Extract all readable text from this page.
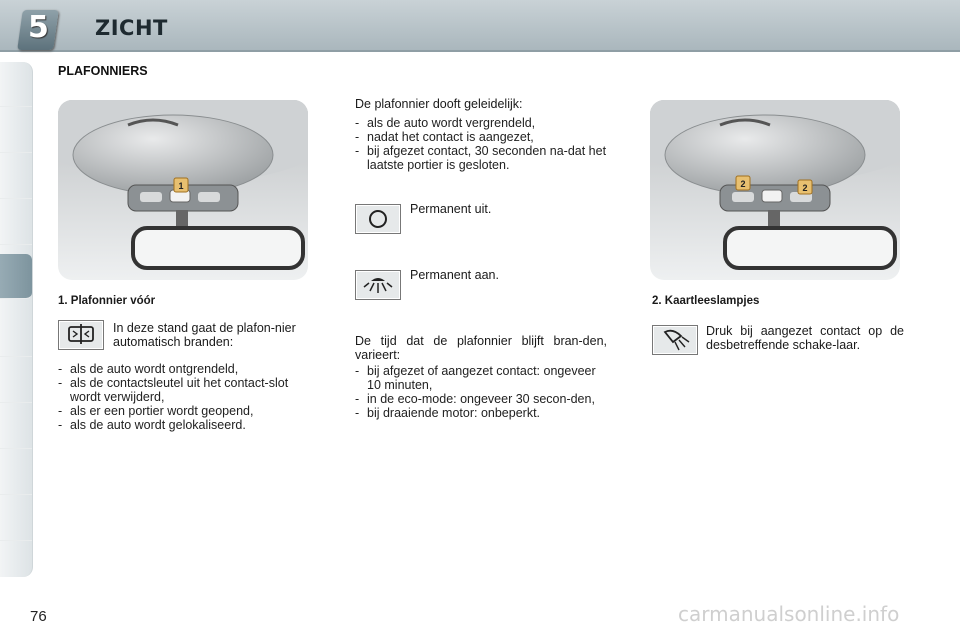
5 ZICHT
PLAFONNIERS
1	2	2
1. Plafonnier vóór
In deze stand gaat de plafon-nier automatisch branden:
- als de auto wordt ontgrendeld,
- als de contactsleutel uit het contact-slot wordt verwijderd,
- als er een portier wordt geopend,
- als de auto wordt gelokaliseerd.
De plafonnier dooft geleidelijk:
- als de auto wordt vergrendeld,
- nadat het contact is aangezet,
- bij afgezet contact, 30 seconden na-dat het laatste portier is gesloten.
Permanent uit.
Permanent aan.
De tijd dat de plafonnier blijft bran-den, varieert:
- bij afgezet of aangezet contact: ongeveer 10 minuten,
- in de eco-mode: ongeveer 30 secon-den,
- bij draaiende motor: onbeperkt.
2. Kaartleeslampjes
Druk bij aangezet contact op de desbetreffende schake-laar.
76	carmanualsonline.info
